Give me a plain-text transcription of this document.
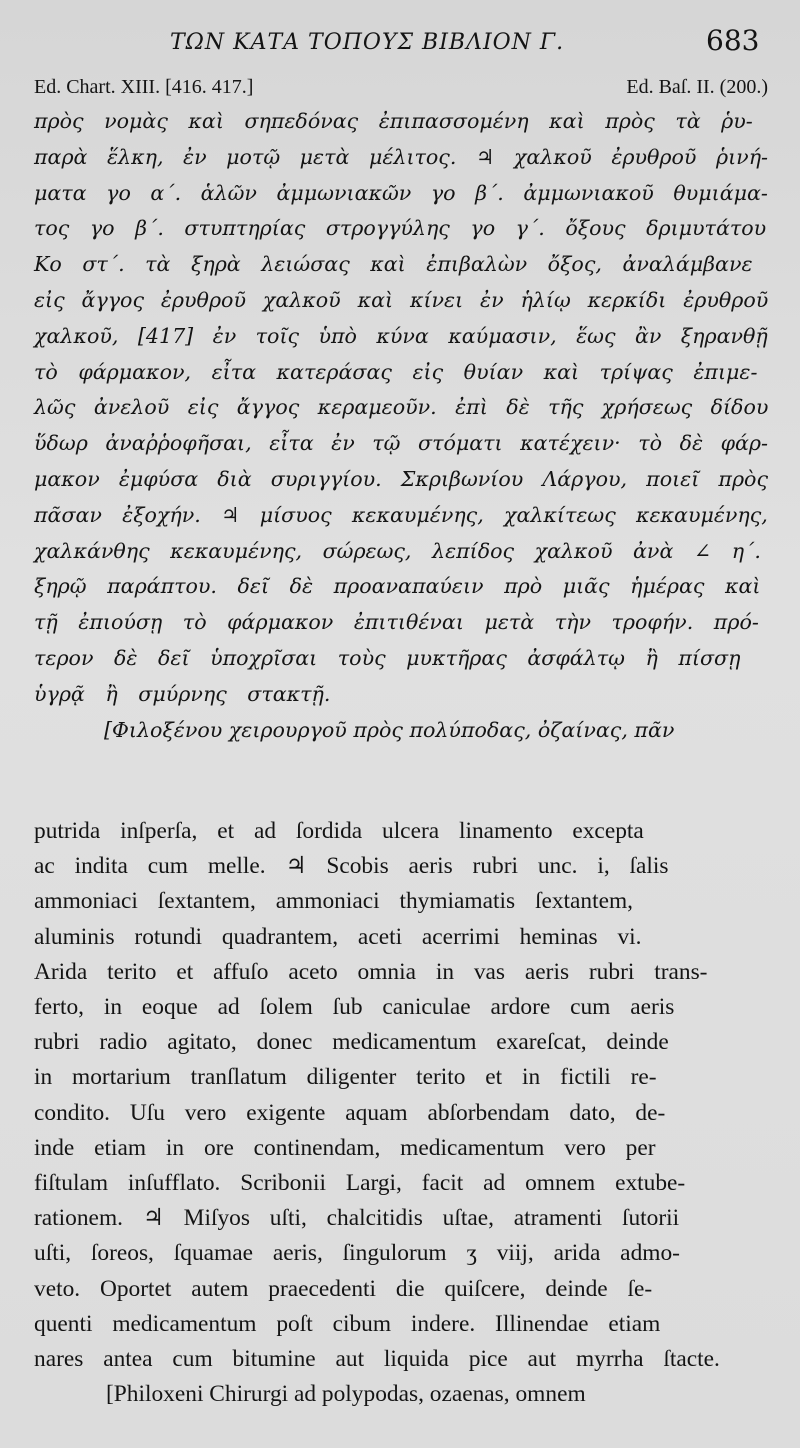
ΤΩΝ ΚΑΤΑ ΤΟΠΟΥΣ ΒΙΒΛΙΟΝ Γ.	683
Ed. Chart. XIII. [416. 417.]	Ed. Baſ. II. (200.)

πρὸς νομὰς καὶ σηπεδόνας ἐπιπασσομένη καὶ πρὸς τὰ ῥυ-
παρὰ ἕλκη, ἐν μοτῷ μετὰ μέλιτος. ♃ χαλκοῦ ἐρυθροῦ ῥινή-
ματα γο α΄. ἁλῶν ἀμμωνιακῶν γο β΄. ἀμμωνιακοῦ θυμιάμα-
τος γο β΄. στυπτηρίας στρογγύλης γο γ΄. ὄξους δριμυτάτου
Κο στ΄. τὰ ξηρὰ λειώσας καὶ ἐπιβαλὼν ὄξος, ἀναλάμβανε
εἰς ἄγγος ἐρυθροῦ χαλκοῦ καὶ κίνει ἐν ἡλίῳ κερκίδι ἐρυθροῦ
χαλκοῦ, [417] ἐν τοῖς ὑπὸ κύνα καύμασιν, ἕως ἂν ξηρανθῇ
τὸ φάρμακον, εἶτα κατεράσας εἰς θυίαν καὶ τρίψας ἐπιμε-
λῶς ἀνελοῦ εἰς ἄγγος κεραμεοῦν. ἐπὶ δὲ τῆς χρήσεως δίδου
ὕδωρ ἀναῤῥοφῆσαι, εἶτα ἐν τῷ στόματι κατέχειν· τὸ δὲ φάρ-
μακον ἐμφύσα διὰ συριγγίου. Σκριβωνίου Λάργου, ποιεῖ πρὸς
πᾶσαν ἐξοχήν. ♃ μίσυος κεκαυμένης, χαλκίτεως κεκαυμένης,
χαλκάνθης κεκαυμένης, σώρεως, λεπίδος χαλκοῦ ἀνὰ ∠ η΄.
ξηρῷ παράπτου. δεῖ δὲ προαναπαύειν πρὸ μιᾶς ἡμέρας καὶ
τῇ ἐπιούσῃ τὸ φάρμακον ἐπιτιθέναι μετὰ τὴν τροφήν. πρό-
τερον δὲ δεῖ ὑποχρῖσαι τοὺς μυκτῆρας ἀσφάλτῳ ἢ πίσσῃ
ὑγρᾷ ἢ σμύρνης στακτῇ.
[Φιλοξένου χειρουργοῦ πρὸς πολύποδας, ὀζαίνας, πᾶν

putrida inſperſa, et ad ſordida ulcera linamento excepta
ac indita cum melle. ♃ Scobis aeris rubri unc. i, ſalis
ammoniaci ſextantem, ammoniaci thymiamatis ſextantem,
aluminis rotundi quadrantem, aceti acerrimi heminas vi.
Arida terito et affuſo aceto omnia in vas aeris rubri trans-
ferto, in eoque ad ſolem ſub caniculae ardore cum aeris
rubri radio agitato, donec medicamentum exareſcat, deinde
in mortarium tranſlatum diligenter terito et in fictili re-
condito. Uſu vero exigente aquam abſorbendam dato, de-
inde etiam in ore continendam, medicamentum vero per
fiſtulam inſufflato. Scribonii Largi, facit ad omnem extube-
rationem. ♃ Miſyos uſti, chalcitidis uſtae, atramenti ſutorii
uſti, ſoreos, ſquamae aeris, ſingulorum ʒ viij, arida admo-
veto. Oportet autem praecedenti die quiſcere, deinde ſe-
quenti medicamentum poſt cibum indere. Illinendae etiam
nares antea cum bitumine aut liquida pice aut myrrha ſtacte.
[Philoxeni Chirurgi ad polypodas, ozaenas, omnem
